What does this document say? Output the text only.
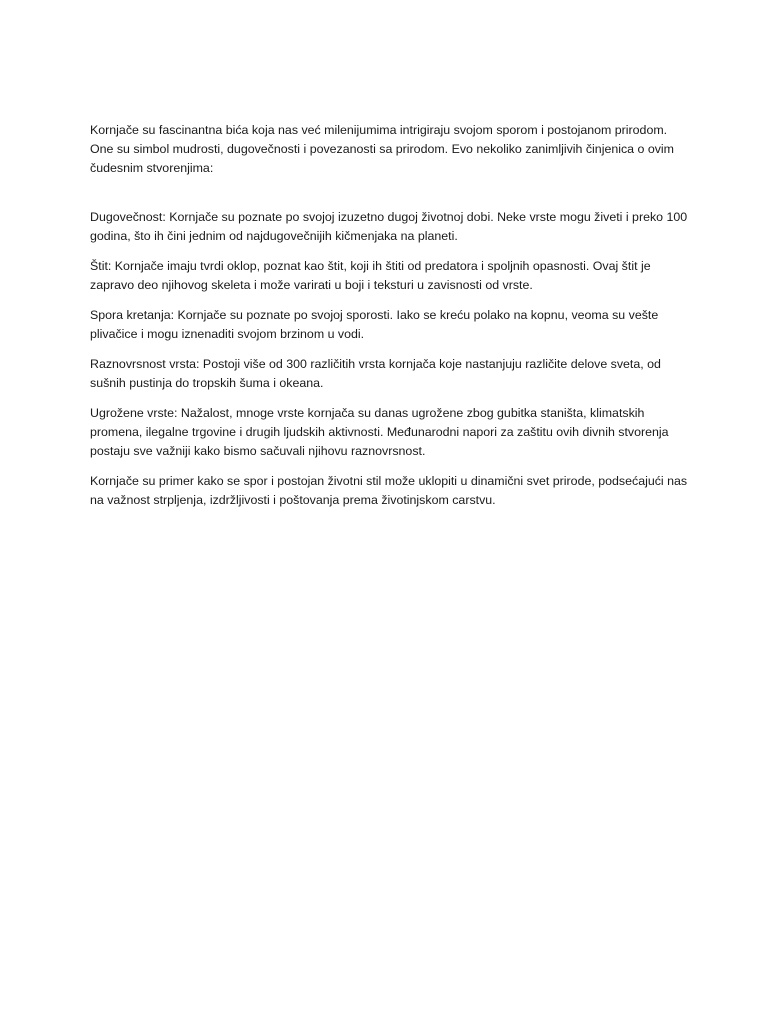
Kornjače su fascinantna bića koja nas već milenijumima intrigiraju svojom sporom i postojanom prirodom. One su simbol mudrosti, dugovečnosti i povezanosti sa prirodom. Evo nekoliko zanimljivih činjenica o ovim čudesnim stvorenjima:

Dugovečnost: Kornjače su poznate po svojoj izuzetno dugoj životnoj dobi. Neke vrste mogu živeti i preko 100 godina, što ih čini jednim od najdugovečnijih kičmenjaka na planeti.

Štit: Kornjače imaju tvrdi oklop, poznat kao štit, koji ih štiti od predatora i spoljnih opasnosti. Ovaj štit je zapravo deo njihovog skeleta i može varirati u boji i teksturi u zavisnosti od vrste.

Spora kretanja: Kornjače su poznate po svojoj sporosti. Iako se kreću polako na kopnu, veoma su vešte plivačice i mogu iznenaditi svojom brzinom u vodi.

Raznovrsnost vrsta: Postoji više od 300 različitih vrsta kornjača koje nastanjuju različite delove sveta, od sušnih pustinja do tropskih šuma i okeana.

Ugrožene vrste: Nažalost, mnoge vrste kornjača su danas ugrožene zbog gubitka staništa, klimatskih promena, ilegalne trgovine i drugih ljudskih aktivnosti. Međunarodni napori za zaštitu ovih divnih stvorenja postaju sve važniji kako bismo sačuvali njihovu raznovrsnost.

Kornjače su primer kako se spor i postojan životni stil može uklopiti u dinamični svet prirode, podsećajući nas na važnost strpljenja, izdržljivosti i poštovanja prema životinjskom carstvu.
